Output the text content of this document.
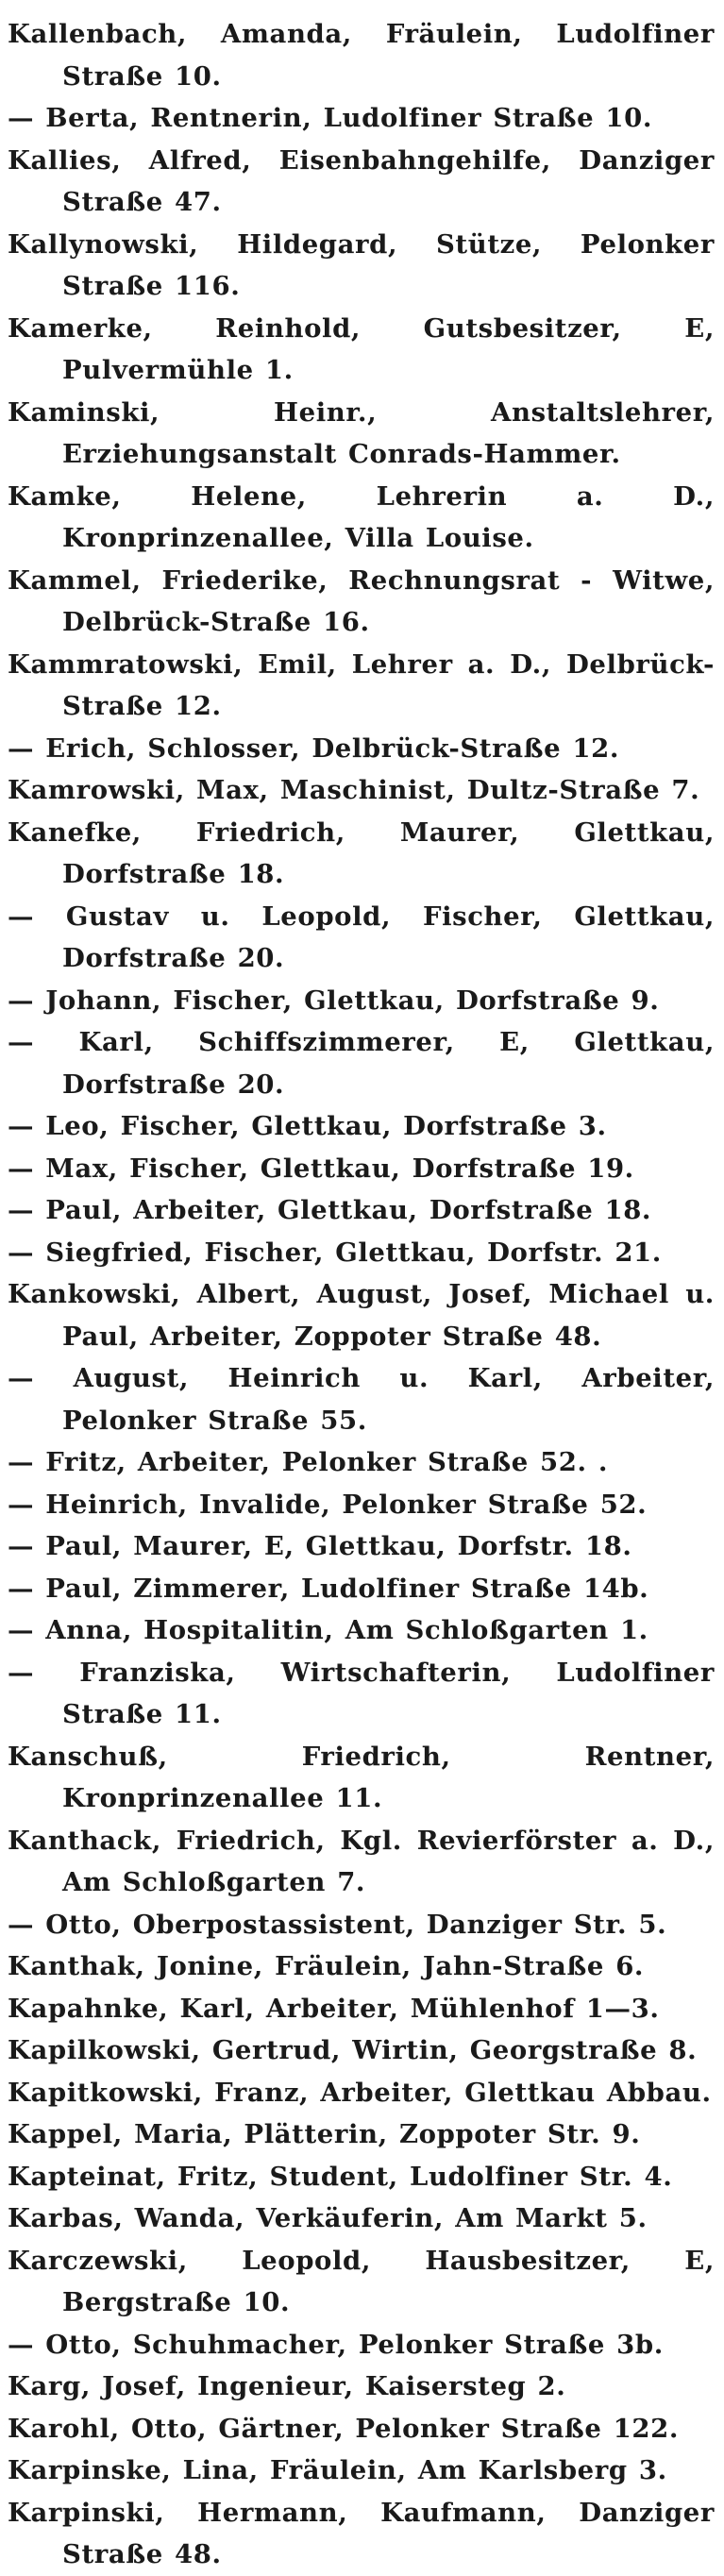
Kallenbach, Amanda, Fräulein, Ludolfiner Straße 10.

— Berta, Rentnerin, Ludolfiner Straße 10.

Kallies, Alfred, Eisenbahngehilfe, Danziger Straße 47.

Kallynowski, Hildegard, Stütze, Pelonker Straße 116.

Kamerke, Reinhold, Gutsbesitzer, E, Pulvermühle 1.

Kaminski, Heinr., Anstaltslehrer, Erziehungsanstalt Conrads-Hammer.

Kamke, Helene, Lehrerin a. D., Kronprinzenallee, Villa Louise.

Kammel, Friederike, Rechnungsrat - Witwe, Delbrück-Straße 16.

Kammratowski, Emil, Lehrer a. D., Delbrück-Straße 12.

— Erich, Schlosser, Delbrück-Straße 12.

Kamrowski, Max, Maschinist, Dultz-Straße 7.

Kanefke, Friedrich, Maurer, Glettkau, Dorfstraße 18.

— Gustav u. Leopold, Fischer, Glettkau, Dorfstraße 20.

— Johann, Fischer, Glettkau, Dorfstraße 9.

— Karl, Schiffszimmerer, E, Glettkau, Dorfstraße 20.

— Leo, Fischer, Glettkau, Dorfstraße 3.

— Max, Fischer, Glettkau, Dorfstraße 19.

— Paul, Arbeiter, Glettkau, Dorfstraße 18.

— Siegfried, Fischer, Glettkau, Dorfstr. 21.

Kankowski, Albert, August, Josef, Michael u. Paul, Arbeiter, Zoppoter Straße 48.

— August, Heinrich u. Karl, Arbeiter, Pelonker Straße 55.

— Fritz, Arbeiter, Pelonker Straße 52. .

— Heinrich, Invalide, Pelonker Straße 52.

— Paul, Maurer, E, Glettkau, Dorfstr. 18.

— Paul, Zimmerer, Ludolfiner Straße 14b.

— Anna, Hospitalitin, Am Schloßgarten 1.

— Franziska, Wirtschafterin, Ludolfiner Straße 11.

Kanschuß, Friedrich, Rentner, Kronprinzenallee 11.

Kanthack, Friedrich, Kgl. Revierförster a. D., Am Schloßgarten 7.

— Otto, Oberpostassistent, Danziger Str. 5.

Kanthak, Jonine, Fräulein, Jahn-Straße 6.

Kapahnke, Karl, Arbeiter, Mühlenhof 1—3.

Kapilkowski, Gertrud, Wirtin, Georgstraße 8.

Kapitkowski, Franz, Arbeiter, Glettkau Abbau.

Kappel, Maria, Plätterin, Zoppoter Str. 9.

Kapteinat, Fritz, Student, Ludolfiner Str. 4.

Karbas, Wanda, Verkäuferin, Am Markt 5.

Karczewski, Leopold, Hausbesitzer, E, Bergstraße 10.

— Otto, Schuhmacher, Pelonker Straße 3b.

Karg, Josef, Ingenieur, Kaisersteg 2.

Karohl, Otto, Gärtner, Pelonker Straße 122.

Karpinske, Lina, Fräulein, Am Karlsberg 3.

Karpinski, Hermann, Kaufmann, Danziger Straße 48.
